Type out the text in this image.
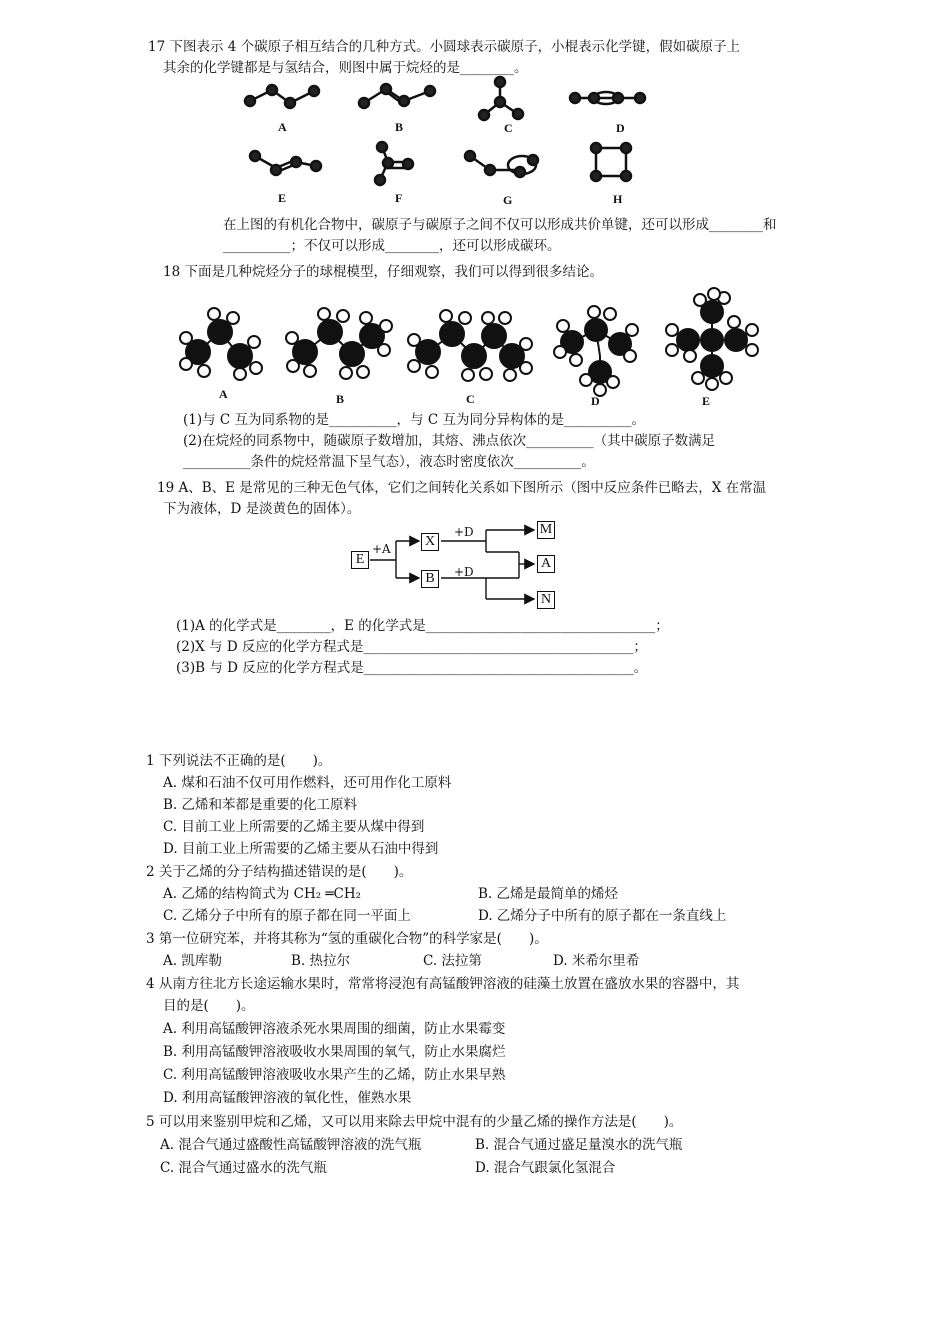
17 下图表示 4 个碳原子相互结合的几种方式。小圆球表示碳原子，小棍表示化学键，假如碳原子上
其余的化学键都是与氢结合，则图中属于烷烃的是________。
A	B	C	D
E	F	G	H
在上图的有机化合物中，碳原子与碳原子之间不仅可以形成共价单键，还可以形成________和
__________；不仅可以形成________，还可以形成碳环。
18 下面是几种烷烃分子的球棍模型，仔细观察，我们可以得到很多结论。
A	B	C	D	E
(1)与 C 互为同系物的是__________，与 C 互为同分异构体的是__________。
(2)在烷烃的同系物中，随碳原子数增加，其熔、沸点依次__________（其中碳原子数满足
__________条件的烷烃常温下呈气态），液态时密度依次__________。
19 A、B、E 是常见的三种无色气体，它们之间转化关系如下图所示（图中反应条件已略去，X 在常温
下为液体，D 是淡黄色的固体）。
E
X
B
M
A
N
+A
+D
+D
(1)A 的化学式是________，E 的化学式是__________________________________；
(2)X 与 D 反应的化学方程式是________________________________________；
(3)B 与 D 反应的化学方程式是________________________________________。
1 下列说法不正确的是(　　)。
A. 煤和石油不仅可用作燃料，还可用作化工原料
B. 乙烯和苯都是重要的化工原料
C. 目前工业上所需要的乙烯主要从煤中得到
D. 目前工业上所需要的乙烯主要从石油中得到
2 关于乙烯的分子结构描述错误的是(　　)。
A. 乙烯的结构简式为 CH₂ ═CH₂	B. 乙烯是最简单的烯烃
C. 乙烯分子中所有的原子都在同一平面上	D. 乙烯分子中所有的原子都在一条直线上
3 第一位研究苯，并将其称为“氢的重碳化合物”的科学家是(　　)。
A. 凯库勒	B. 热拉尔	C. 法拉第	D. 米希尔里希
4 从南方往北方长途运输水果时，常常将浸泡有高锰酸钾溶液的硅藻土放置在盛放水果的容器中，其
目的是(　　)。
A. 利用高锰酸钾溶液杀死水果周围的细菌，防止水果霉变
B. 利用高锰酸钾溶液吸收水果周围的氧气，防止水果腐烂
C. 利用高锰酸钾溶液吸收水果产生的乙烯，防止水果早熟
D. 利用高锰酸钾溶液的氧化性，催熟水果
5 可以用来鉴别甲烷和乙烯，又可以用来除去甲烷中混有的少量乙烯的操作方法是(　　)。
A. 混合气通过盛酸性高锰酸钾溶液的洗气瓶	B. 混合气通过盛足量溴水的洗气瓶
C. 混合气通过盛水的洗气瓶	D. 混合气跟氯化氢混合
